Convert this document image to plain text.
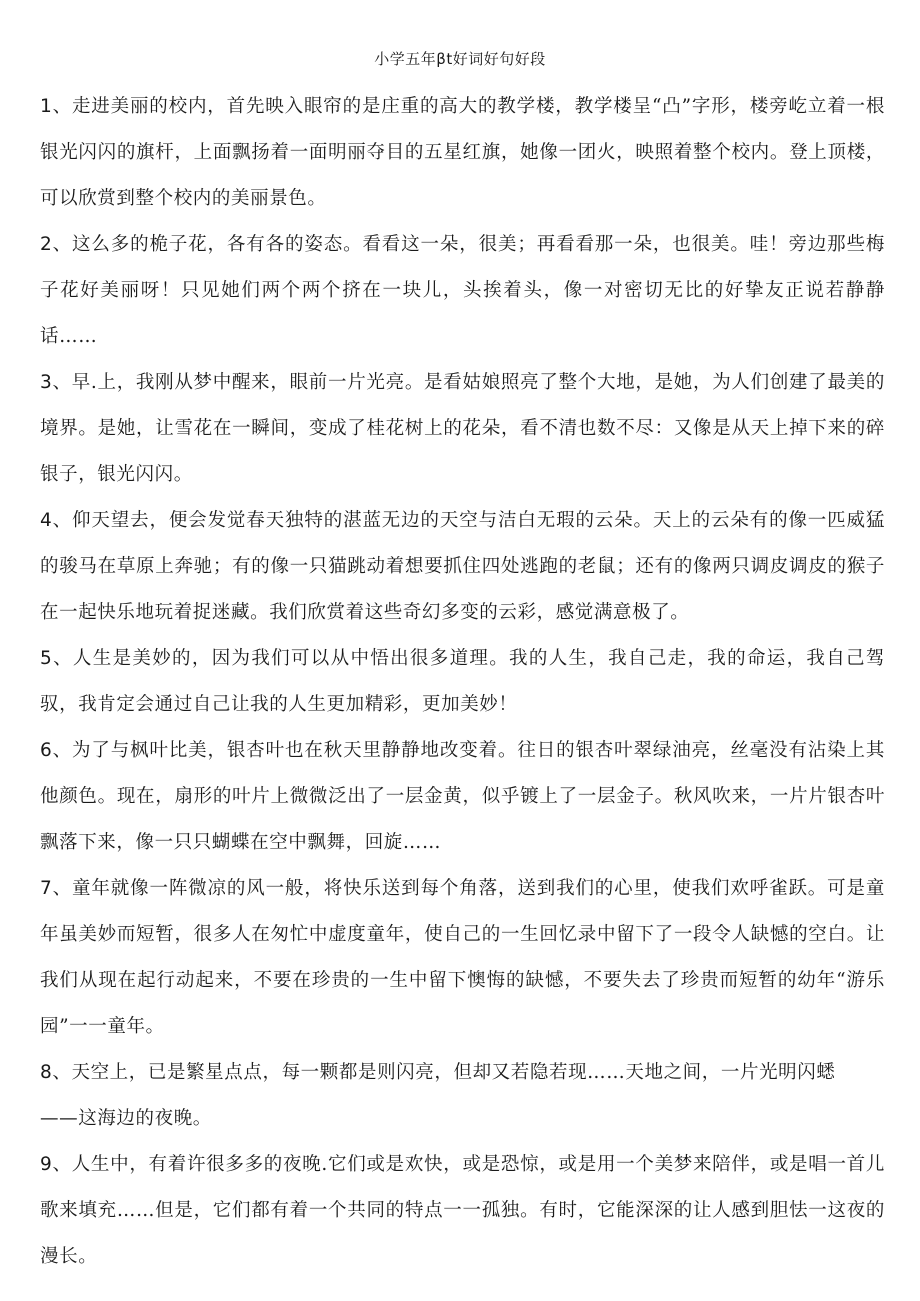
小学五年βt好词好句好段

1、走进美丽的校内，首先映入眼帘的是庄重的高大的教学楼，教学楼呈“凸”字形，楼旁屹立着一根银光闪闪的旗杆，上面飘扬着一面明丽夺目的五星红旗，她像一团火，映照着整个校内。登上顶楼，可以欣赏到整个校内的美丽景色。

2、这么多的桅子花，各有各的姿态。看看这一朵，很美；再看看那一朵，也很美。哇！旁边那些梅子花好美丽呀！只见她们两个两个挤在一块儿，头挨着头，像一对密切无比的好挚友正说若静静话……

3、早.上，我刚从梦中醒来，眼前一片光亮。是看姑娘照亮了整个大地，是她，为人们创建了最美的境界。是她，让雪花在一瞬间，变成了桂花树上的花朵，看不清也数不尽：又像是从天上掉下来的碎银子，银光闪闪。

4、仰天望去，便会发觉春天独特的湛蓝无边的天空与洁白无瑕的云朵。天上的云朵有的像一匹威猛的骏马在草原上奔驰；有的像一只猫跳动着想要抓住四处逃跑的老鼠；还有的像两只调皮调皮的猴子在一起快乐地玩着捉迷藏。我们欣赏着这些奇幻多变的云彩，感觉满意极了。

5、人生是美妙的，因为我们可以从中悟出很多道理。我的人生，我自己走，我的命运，我自己驾驭，我肯定会通过自己让我的人生更加精彩，更加美妙！

6、为了与枫叶比美，银杏叶也在秋天里静静地改变着。往日的银杏叶翠绿油亮，丝毫没有沾染上其他颜色。现在，扇形的叶片上微微泛出了一层金黄，似乎镀上了一层金子。秋风吹来，一片片银杏叶飘落下来，像一只只蝴蝶在空中飘舞，回旋……

7、童年就像一阵微凉的风一般，将快乐送到每个角落，送到我们的心里，使我们欢呼雀跃。可是童年虽美妙而短暂，很多人在匆忙中虚度童年，使自己的一生回忆录中留下了一段令人缺憾的空白。让我们从现在起行动起来，不要在珍贵的一生中留下懊悔的缺憾，不要失去了珍贵而短暂的幼年“游乐园”一一童年。

8、天空上，已是繁星点点，每一颗都是则闪亮，但却又若隐若现……天地之间，一片光明闪蟋

——这海边的夜晚。

9、人生中，有着许很多多的夜晚.它们或是欢快，或是恐惊，或是用一个美梦来陪伴，或是唱一首儿歌来填充……但是，它们都有着一个共同的特点一一孤独。有时，它能深深的让人感到胆怯一这夜的漫长。
